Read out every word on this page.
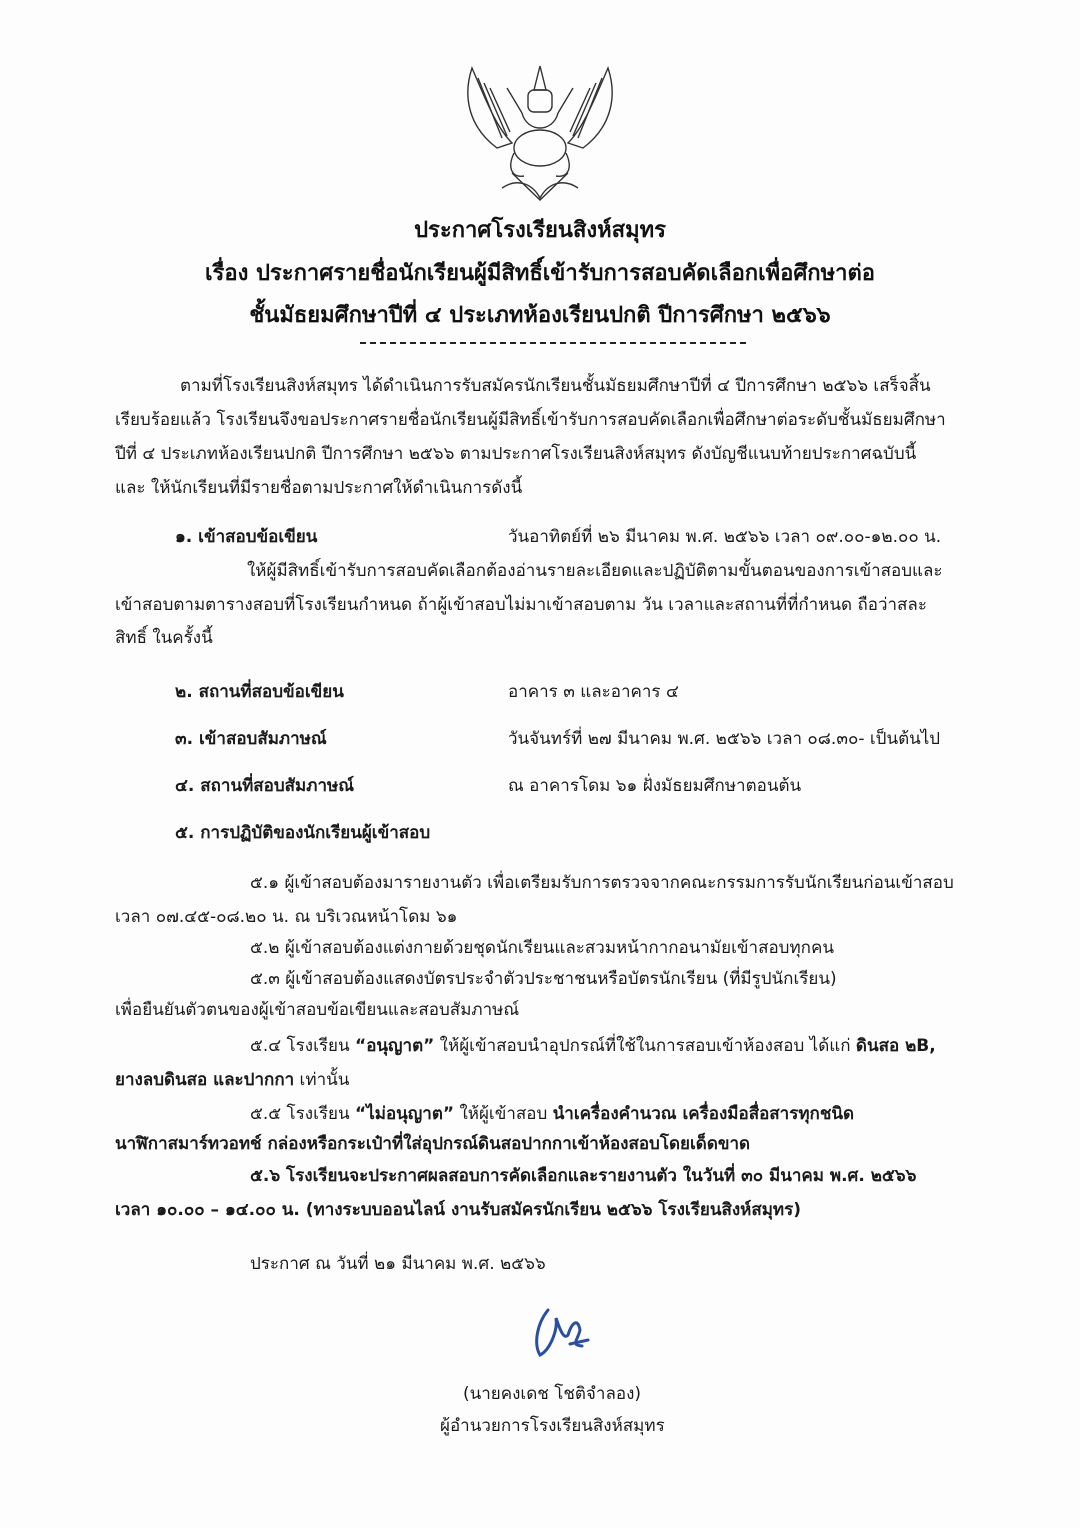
ประกาศโรงเรียนสิงห์สมุทร
เรื่อง ประกาศรายชื่อนักเรียนผู้มีสิทธิ์เข้ารับการสอบคัดเลือกเพื่อศึกษาต่อ
ชั้นมัธยมศึกษาปีที่ ๔ ประเภทห้องเรียนปกติ ปีการศึกษา ๒๕๖๖
ตามที่โรงเรียนสิงห์สมุทร ได้ดำเนินการรับสมัครนักเรียนชั้นมัธยมศึกษาปีที่ ๔ ปีการศึกษา ๒๕๖๖ เสร็จสิ้น
เรียบร้อยแล้ว โรงเรียนจึงขอประกาศรายชื่อนักเรียนผู้มีสิทธิ์เข้ารับการสอบคัดเลือกเพื่อศึกษาต่อระดับชั้นมัธยมศึกษา
ปีที่ ๔ ประเภทห้องเรียนปกติ ปีการศึกษา ๒๕๖๖ ตามประกาศโรงเรียนสิงห์สมุทร ดังบัญชีแนบท้ายประกาศฉบับนี้
และ ให้นักเรียนที่มีรายชื่อตามประกาศให้ดำเนินการดังนี้
๑. เข้าสอบข้อเขียน	วันอาทิตย์ที่ ๒๖ มีนาคม พ.ศ. ๒๕๖๖ เวลา ๐๙.๐๐-๑๒.๐๐ น.
ให้ผู้มีสิทธิ์เข้ารับการสอบคัดเลือกต้องอ่านรายละเอียดและปฏิบัติตามขั้นตอนของการเข้าสอบและ
เข้าสอบตามตารางสอบที่โรงเรียนกำหนด ถ้าผู้เข้าสอบไม่มาเข้าสอบตาม วัน เวลาและสถานที่ที่กำหนด ถือว่าสละ
สิทธิ์ ในครั้งนี้
๒. สถานที่สอบข้อเขียน	อาคาร ๓ และอาคาร ๔
๓. เข้าสอบสัมภาษณ์	วันจันทร์ที่ ๒๗ มีนาคม พ.ศ. ๒๕๖๖ เวลา ๐๘.๓๐- เป็นต้นไป
๔. สถานที่สอบสัมภาษณ์	ณ อาคารโดม ๖๑ ฝั่งมัธยมศึกษาตอนต้น
๕. การปฏิบัติของนักเรียนผู้เข้าสอบ
๕.๑ ผู้เข้าสอบต้องมารายงานตัว เพื่อเตรียมรับการตรวจจากคณะกรรมการรับนักเรียนก่อนเข้าสอบ
เวลา ๐๗.๔๕-๐๘.๒๐ น. ณ บริเวณหน้าโดม ๖๑
๕.๒ ผู้เข้าสอบต้องแต่งกายด้วยชุดนักเรียนและสวมหน้ากากอนามัยเข้าสอบทุกคน
๕.๓ ผู้เข้าสอบต้องแสดงบัตรประจำตัวประชาชนหรือบัตรนักเรียน (ที่มีรูปนักเรียน)
เพื่อยืนยันตัวตนของผู้เข้าสอบข้อเขียนและสอบสัมภาษณ์
๕.๔ โรงเรียน “อนุญาต” ให้ผู้เข้าสอบนำอุปกรณ์ที่ใช้ในการสอบเข้าห้องสอบ ได้แก่ ดินสอ ๒B,
ยางลบดินสอ และปากกา เท่านั้น
๕.๕ โรงเรียน “ไม่อนุญาต” ให้ผู้เข้าสอบ นำเครื่องคำนวณ เครื่องมือสื่อสารทุกชนิด
นาฬิกาสมาร์ทวอทช์ กล่องหรือกระเป๋าที่ใส่อุปกรณ์ดินสอปากกาเข้าห้องสอบโดยเด็ดขาด
๕.๖ โรงเรียนจะประกาศผลสอบการคัดเลือกและรายงานตัว ในวันที่ ๓๐ มีนาคม พ.ศ. ๒๕๖๖
เวลา ๑๐.๐๐ – ๑๔.๐๐ น. (ทางระบบออนไลน์ งานรับสมัครนักเรียน ๒๕๖๖ โรงเรียนสิงห์สมุทร)
ประกาศ ณ วันที่ ๒๑ มีนาคม พ.ศ. ๒๕๖๖
(นายคงเดช โชติจำลอง)
ผู้อำนวยการโรงเรียนสิงห์สมุทร
